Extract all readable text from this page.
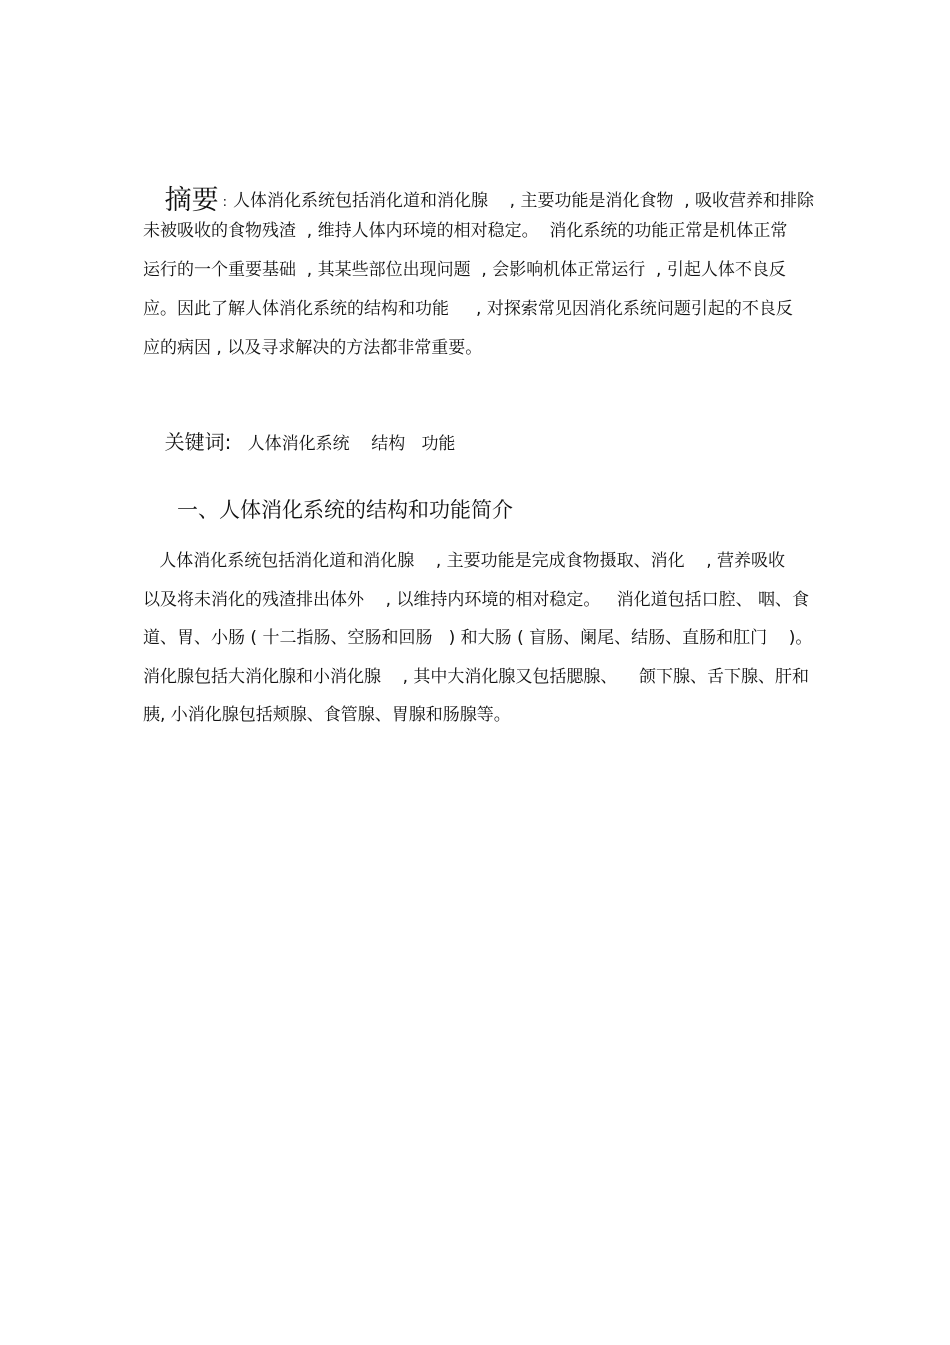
摘要 : 人体消化系统包括消化道和消化腺    , 主要功能是消化食物  , 吸收营养和排除

未被吸收的食物残渣  , 维持人体内环境的相对稳定。  消化系统的功能正常是机体正常
运行的一个重要基础  , 其某些部位出现问题  , 会影响机体正常运行  , 引起人体不良反
应。因此了解人体消化系统的结构和功能     , 对探索常见因消化系统问题引起的不良反
应的病因 , 以及寻求解决的方法都非常重要。

关键词: 人体消化系统 结构 功能

一、人体消化系统的结构和功能简介
人体消化系统包括消化道和消化腺    , 主要功能是完成食物摄取、消化    , 营养吸收
以及将未消化的残渣排出体外    , 以维持内环境的相对稳定。   消化道包括口腔、 咽、食
道、胃、小肠 ( 十二指肠、空肠和回肠   ) 和大肠 ( 盲肠、阑尾、结肠、直肠和肛门    )。
消化腺包括大消化腺和小消化腺    , 其中大消化腺又包括腮腺、    颌下腺、舌下腺、肝和
胰, 小消化腺包括颊腺、食管腺、胃腺和肠腺等。
